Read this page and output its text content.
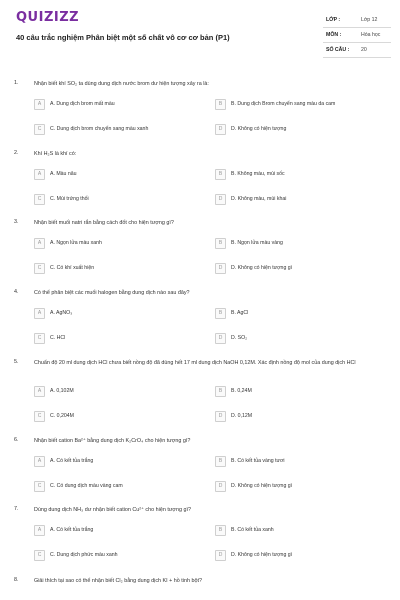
QUIZIZZ
40 câu trắc nghiệm Phân biệt một số chất vô cơ cơ bản (P1)
LỚP :	Lớp 12
MÔN :	Hóa học
SỐ CÂU : 20
1.	Nhận biết khí SO₂ ta dùng dung dịch nước brom dư hiện tượng xảy ra là:
A	A. Dung dịch brom mất màu	B	B. Dung dịch Brom chuyển sang màu da cam
C	C. Dung dịch brom chuyển sang màu xanh	D	D. Không có hiện tượng
2.	Khí H₂S là khí có:
A	A. Màu nâu	B	B. Không màu, mùi sốc
C	C. Mùi trứng thối	D	D. Không màu, mùi khai
3.	Nhận biết muối natri rắn bằng cách đốt cho hiện tượng gì?
A	A. Ngọn lửa màu xanh	B	B. Ngọn lửa màu vàng
C	C. Có khí xuất hiện	D	D. Không có hiện tượng gì
4.	Có thể phân biệt các muối halogen bằng dung dịch nào sau đây?
A	A. AgNO₃	B	B. AgCl
C	C. HCl	D	D. SO₂
5.	Chuẩn độ 20 ml dung dịch HCl chưa biết nồng độ đã dùng hết 17 ml dung dịch NaOH 0,12M. Xác định nồng độ mol của dung dịch HCl
A	A. 0,102M	B	B. 0,24M
C	C. 0,204M	D	D. 0,12M
6.	Nhận biết cation Ba²⁺ bằng dung dịch K₂CrO₄ cho hiện tượng gì?
A	A. Có kết tủa trắng	B	B. Có kết tủa vàng tươi
C	C. Có dung dịch màu vàng cam	D	D. Không có hiện tượng gì
7.	Dùng dung dịch NH₃ dư nhận biết cation Cu²⁺ cho hiện tượng gì?
A	A. Có kết tủa trắng	B	B. Có kết tủa xanh
C	C. Dung dịch phức màu xanh	D	D. Không có hiện tượng gì
8.	Giải thích tại sao có thể nhận biết Cl₂ bằng dung dịch KI + hồ tinh bột?
